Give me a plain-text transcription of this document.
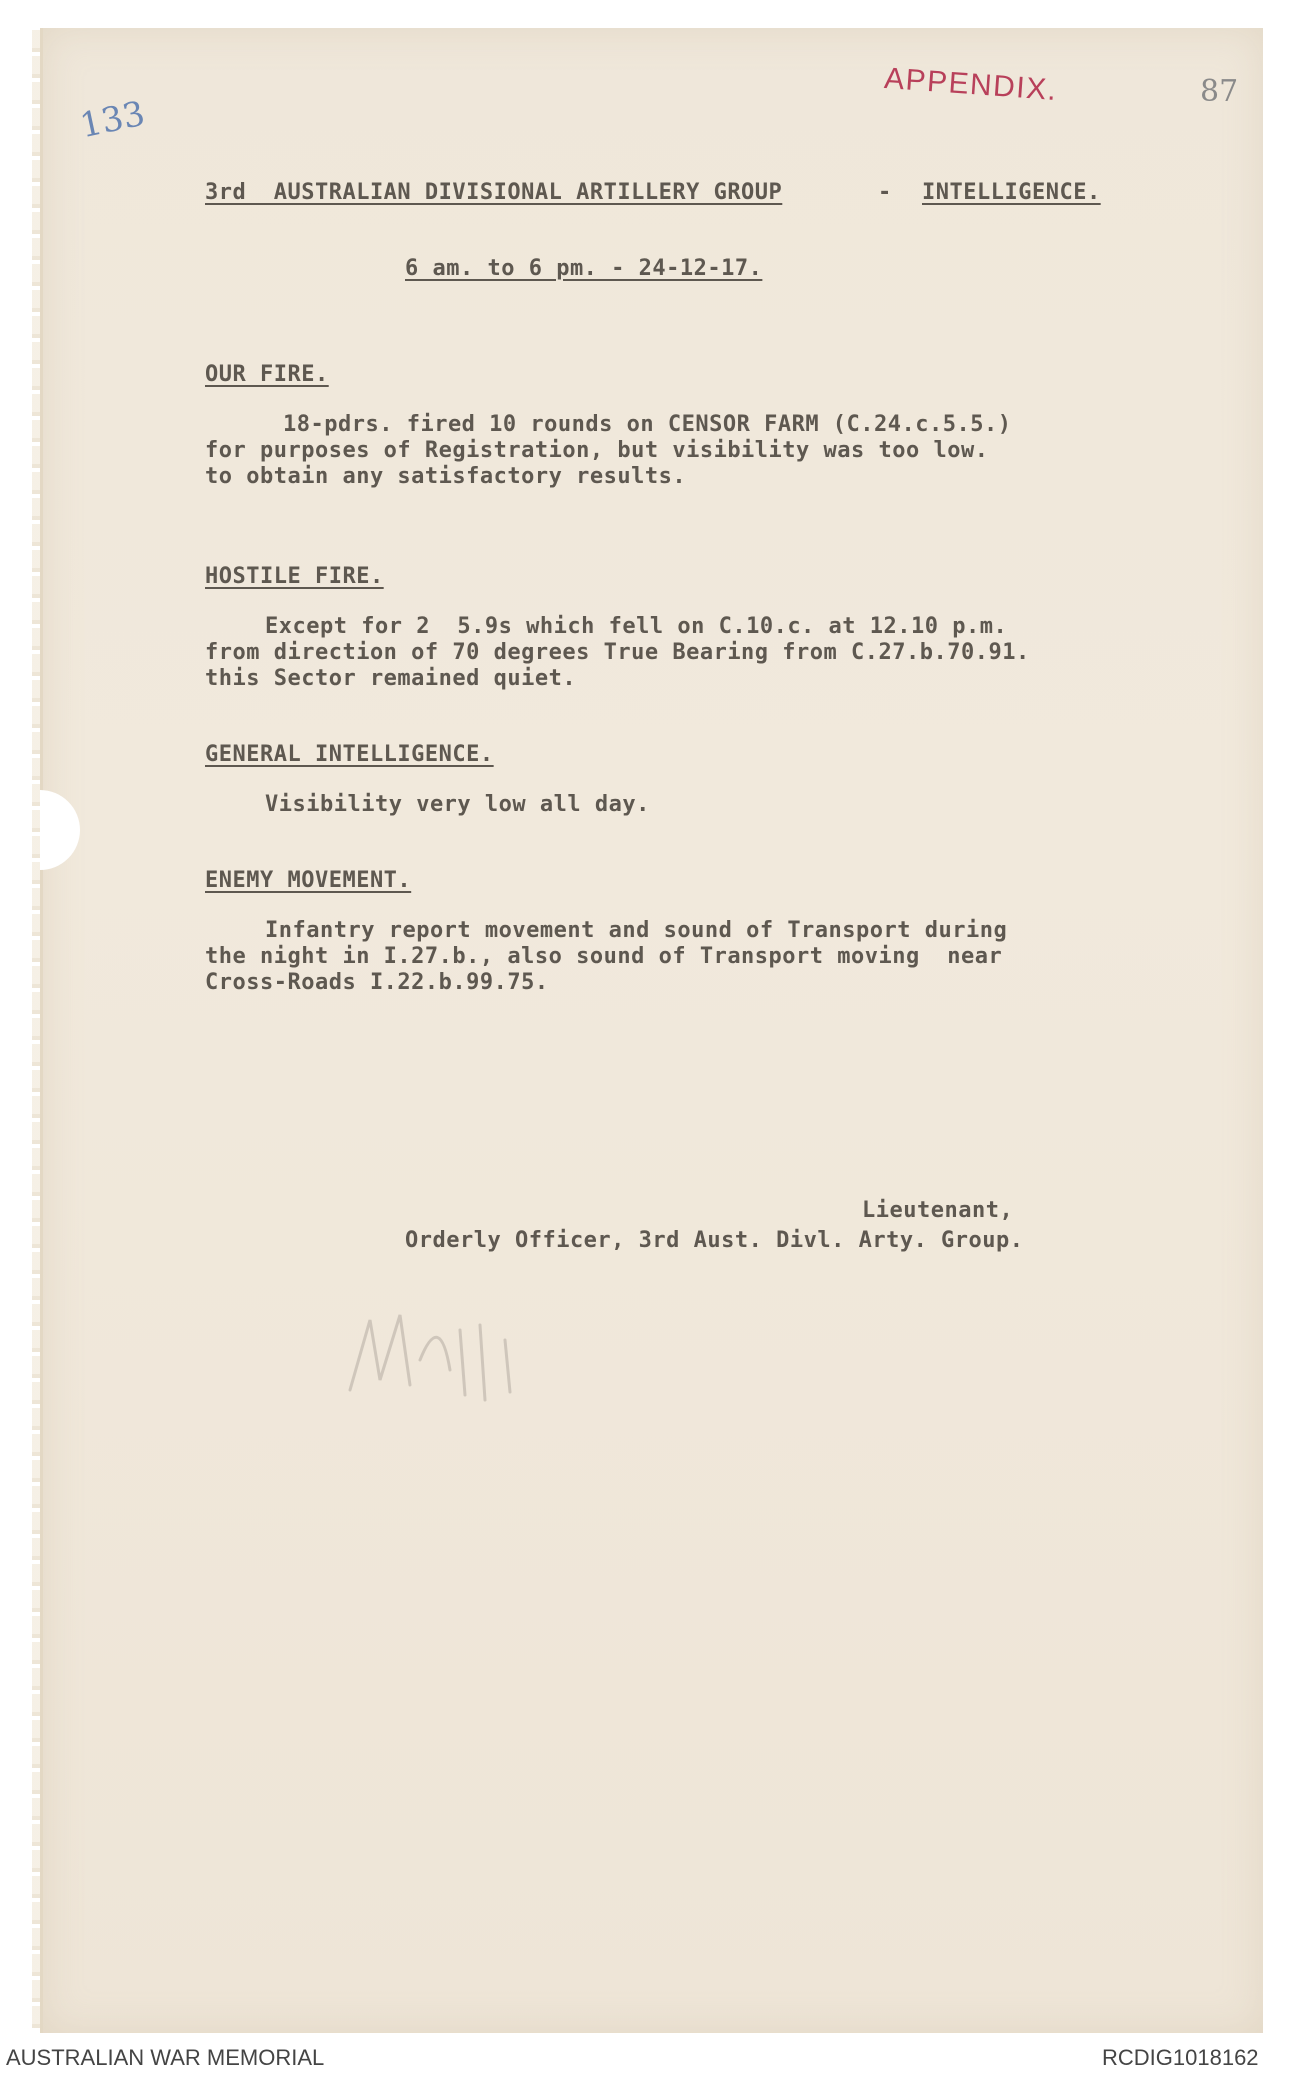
133
APPENDIX.	87
3rd  AUSTRALIAN DIVISIONAL ARTILLERY GROUP	- INTELLIGENCE.
6 am. to 6 pm. - 24-12-17.
OUR FIRE.
18-pdrs. fired 10 rounds on CENSOR FARM (C.24.c.5.5.)
for purposes of Registration, but visibility was too low.
to obtain any satisfactory results.
HOSTILE FIRE.
Except for 2  5.9s which fell on C.10.c. at 12.10 p.m.
from direction of 70 degrees True Bearing from C.27.b.70.91.
this Sector remained quiet.
GENERAL INTELLIGENCE.
Visibility very low all day.
ENEMY MOVEMENT.
Infantry report movement and sound of Transport during
the night in I.27.b., also sound of Transport moving  near
Cross-Roads I.22.b.99.75.
Lieutenant,
Orderly Officer, 3rd Aust. Divl. Arty. Group.
AUSTRALIAN WAR MEMORIAL	RCDIG1018162
